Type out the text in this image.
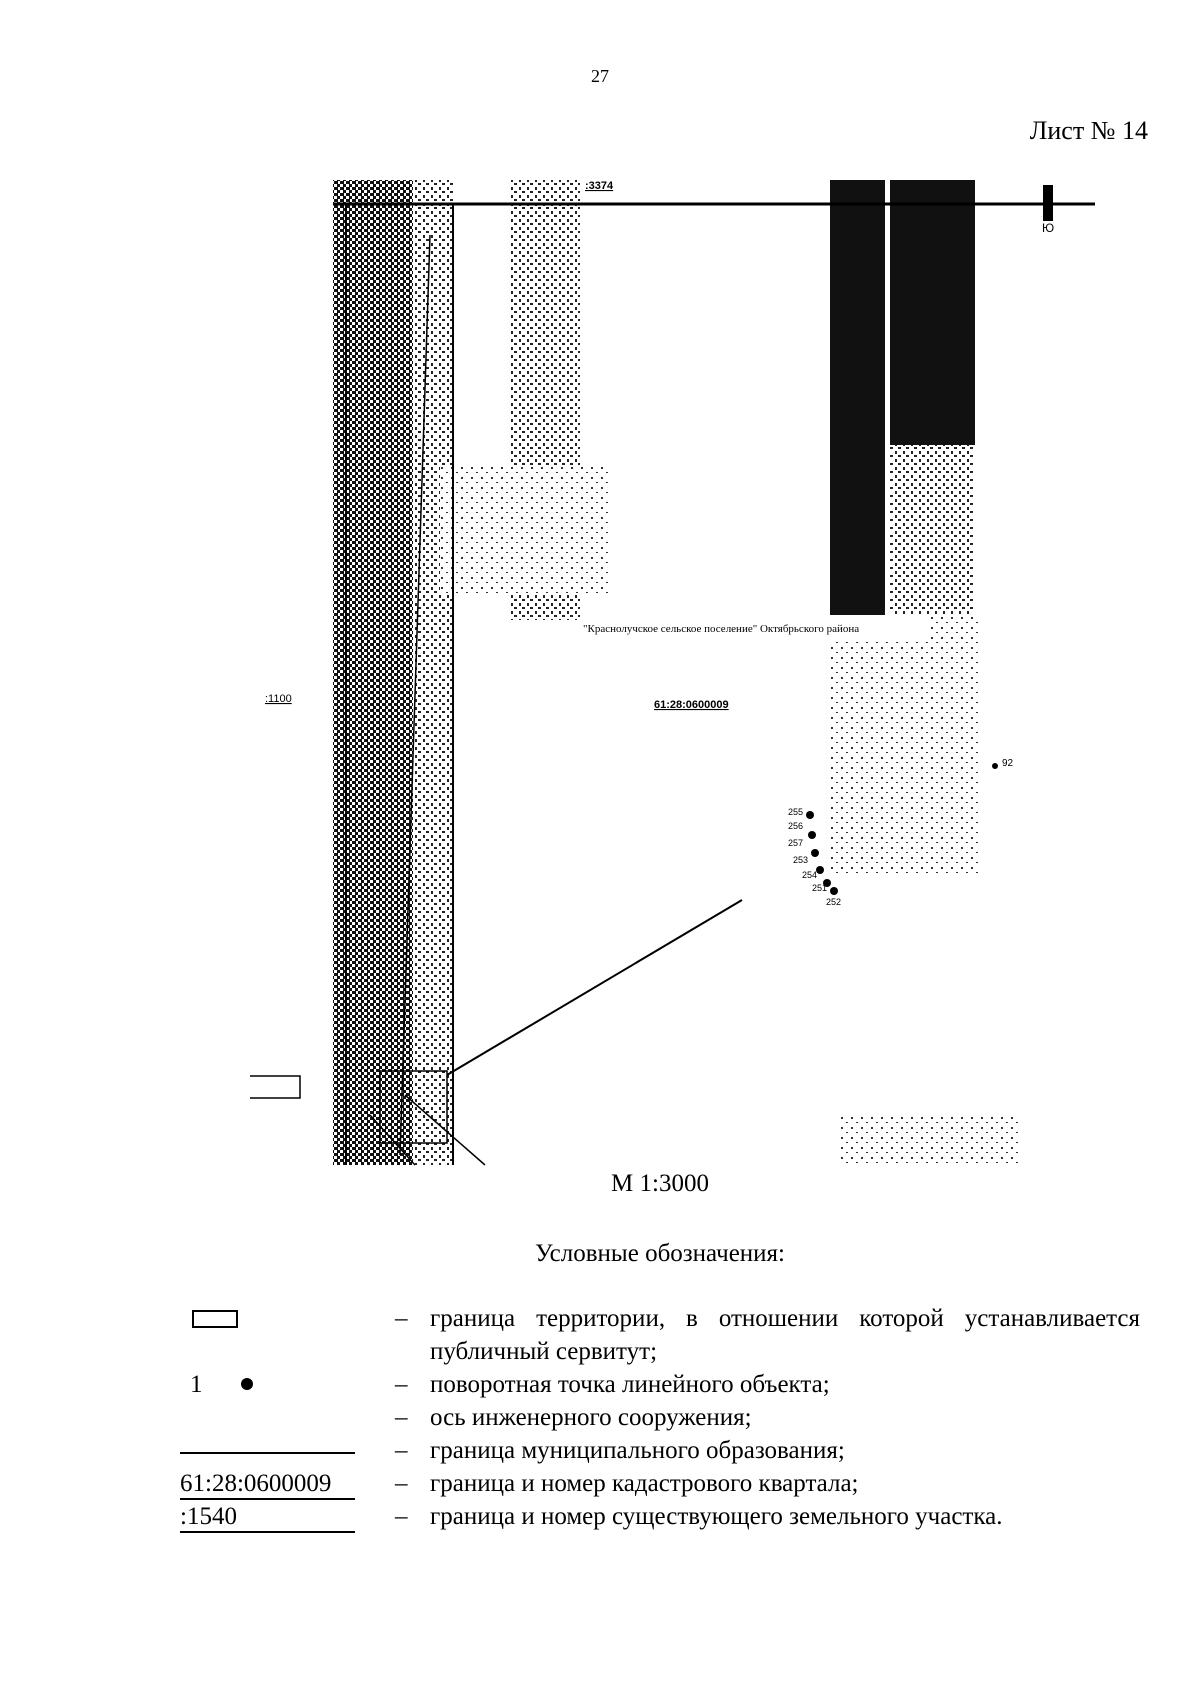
27
Лист № 14
:3374
:1100
"Краснолучское сельское поселение" Октябрьского района
61:28:0600009
Ю
92
255
256
257
253
254
251
252
М 1:3000
Условные обозначения:
– граница территории, в отношении которой устанавливается публичный сервитут;
1	– поворотная точка линейного объекта;
– ось инженерного сооружения;
– граница муниципального образования;
61:28:0600009	– граница и номер кадастрового квартала;
:1540	– граница и номер существующего земельного участка.
